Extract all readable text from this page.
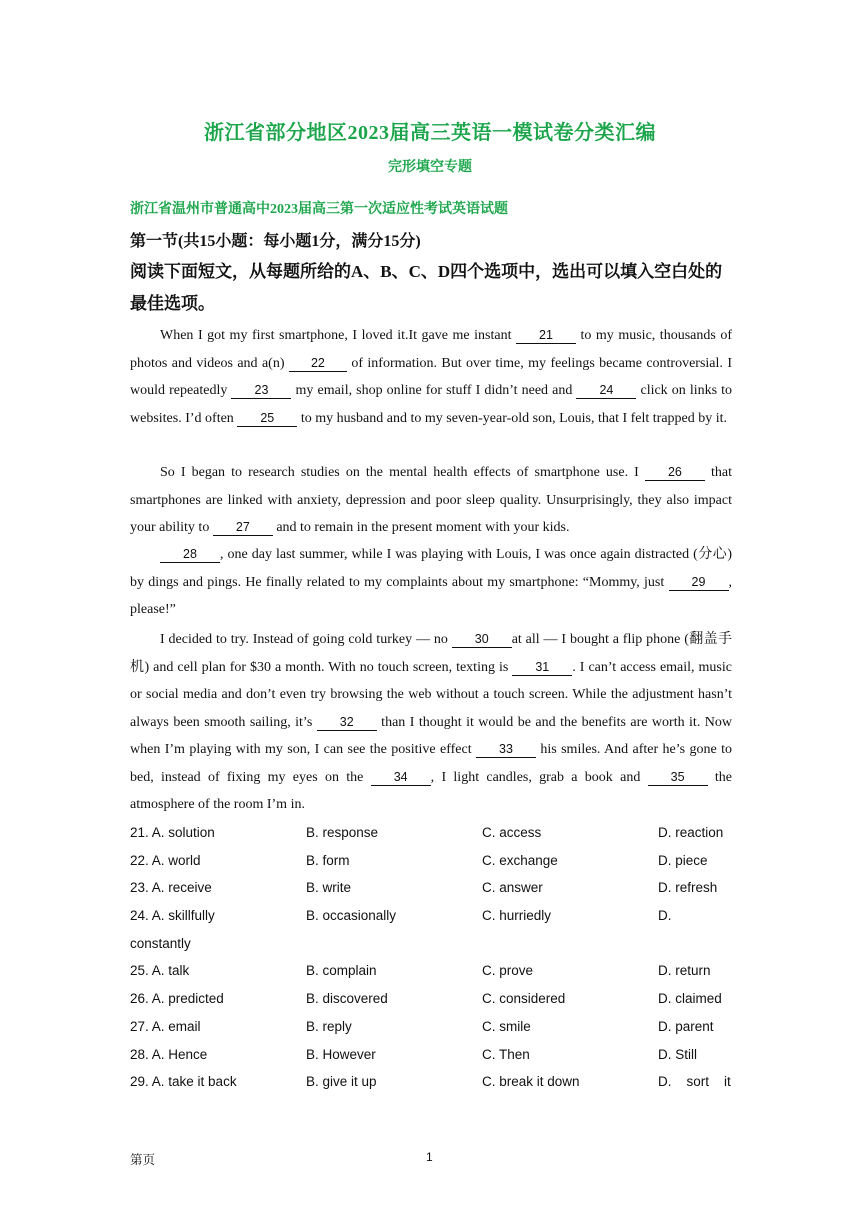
浙江省部分地区2023届高三英语一模试卷分类汇编
完形填空专题
浙江省温州市普通高中2023届高三第一次适应性考试英语试题
第一节(共15小题：每小题1分，满分15分)
阅读下面短文，从每题所给的A、B、C、D四个选项中，选出可以填入空白处的最佳选项。

When I got my first smartphone, I loved it.It gave me instant 21 to my music, thousands of photos and videos and a(n) 22 of information. But over time, my feelings became controversial. I would repeatedly 23 my email, shop online for stuff I didn’t need and 24 click on links to websites. I’d often 25 to my husband and to my seven-year-old son, Louis, that I felt trapped by it.

So I began to research studies on the mental health effects of smartphone use. I 26 that smartphones are linked with anxiety, depression and poor sleep quality. Unsurprisingly, they also impact your ability to 27 and to remain in the present moment with your kids.

28 , one day last summer, while I was playing with Louis, I was once again distracted (分心) by dings and pings. He finally related to my complaints about my smartphone: “Mommy, just 29 , please!”

I decided to try. Instead of going cold turkey — no 30 at all — I bought a flip phone (翻盖手机) and cell plan for $30 a month. With no touch screen, texting is 31 . I can’t access email, music or social media and don’t even try browsing the web without a touch screen. While the adjustment hasn’t always been smooth sailing, it’s 32 than I thought it would be and the benefits are worth it. Now when I’m playing with my son, I can see the positive effect 33 his smiles. And after he’s gone to bed, instead of fixing my eyes on the 34 , I light candles, grab a book and 35 the atmosphere of the room I’m in.

21. A. solution	B. response	C. access	D. reaction
22. A. world	B. form	C. exchange	D. piece
23. A. receive	B. write	C. answer	D. refresh
24. A. skillfully	B. occasionally	C. hurriedly	D.
constantly
25. A. talk	B. complain	C. prove	D. return
26. A. predicted	B. discovered	C. considered	D. claimed
27. A. email	B. reply	C. smile	D. parent
28. A. Hence	B. However	C. Then	D. Still
29. A. take it back	B. give it up	C. break it down	D.    sort    it
第页	1
